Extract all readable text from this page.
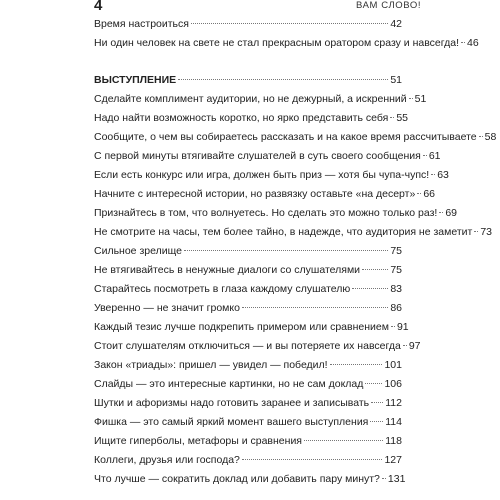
4	ВАМ СЛОВО!
Время настроиться	42
Ни один человек на свете не стал прекрасным оратором сразу и навсегда! 46
ВЫСТУПЛЕНИЕ	51
Сделайте комплимент аудитории, но не дежурный, а искренний 51
Надо найти возможность коротко, но ярко представить себя 55
Сообщите, о чем вы собираетесь рассказать и на какое время рассчитываете 58
С первой минуты втягивайте слушателей в суть своего сообщения 61
Если есть конкурс или игра, должен быть приз — хотя бы чупа-чупс! 63
Начните с интересной истории, но развязку оставьте «на десерт» 66
Признайтесь в том, что волнуетесь. Но сделать это можно только раз! 69
Не смотрите на часы, тем более тайно, в надежде, что аудитория не заметит 73
Сильное зрелище	75
Не втягивайтесь в ненужные диалоги со слушателями	75
Старайтесь посмотреть в глаза каждому слушателю	83
Уверенно — не значит громко	86
Каждый тезис лучше подкрепить примером или сравнением 91
Стоит слушателям отключиться — и вы потеряете их навсегда 97
Закон «триады»: пришел — увидел — победил!	101
Слайды — это интересные картинки, но не сам доклад 106
Шутки и афоризмы надо готовить заранее и записывать 112
Фишка — это самый яркий момент вашего выступления 114
Ищите гиперболы, метафоры и сравнения	118
Коллеги, друзья или господа?	127
Что лучше — сократить доклад или добавить пару минут? 131
